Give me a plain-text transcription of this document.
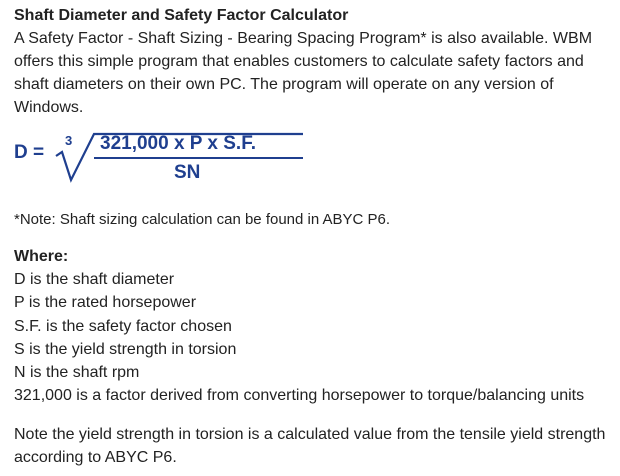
Shaft Diameter and Safety Factor Calculator

A Safety Factor - Shaft Sizing - Bearing Spacing Program* is also available. WBM offers this simple program that enables customers to calculate safety factors and shaft diameters on their own PC. The program will operate on any version of Windows.

D =
3 321,000 x P x S.F.
SN

*Note: Shaft sizing calculation can be found in ABYC P6.

Where:

D is the shaft diameter
P is the rated horsepower
S.F. is the safety factor chosen
S is the yield strength in torsion
N is the shaft rpm
321,000 is a factor derived from converting horsepower to torque/balancing units

Note the yield strength in torsion is a calculated value from the tensile yield strength according to ABYC P6.
